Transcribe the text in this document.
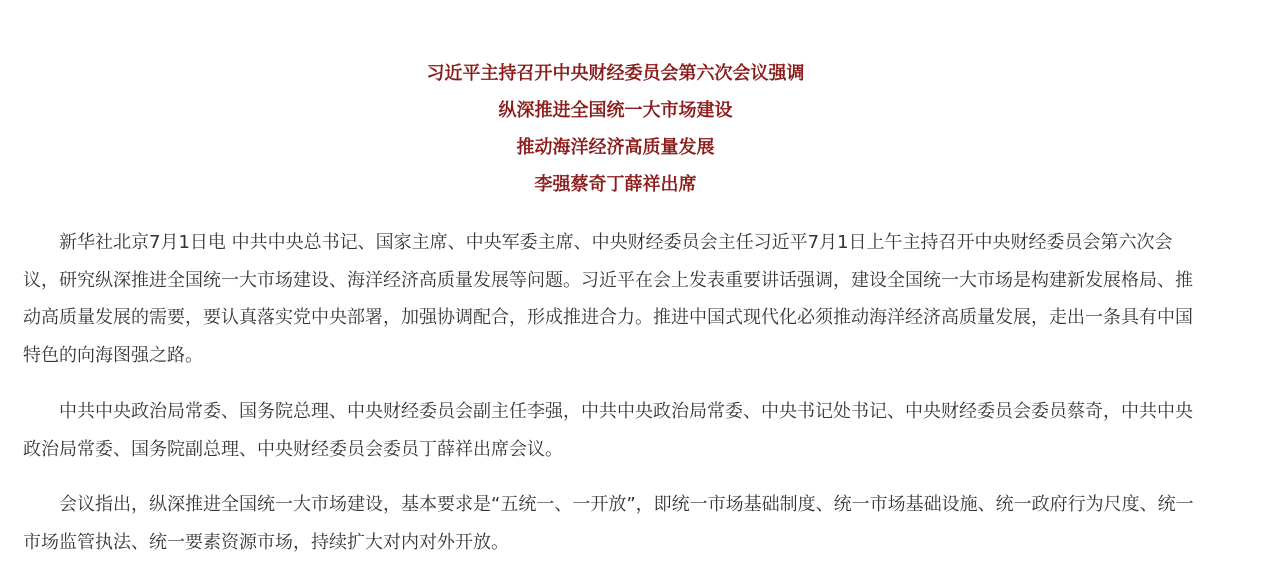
习近平主持召开中央财经委员会第六次会议强调
纵深推进全国统一大市场建设
推动海洋经济高质量发展
李强蔡奇丁薛祥出席

新华社北京7月1日电 中共中央总书记、国家主席、中央军委主席、中央财经委员会主任习近平7月1日上午主持召开中央财经委员会第六次会议，研究纵深推进全国统一大市场建设、海洋经济高质量发展等问题。习近平在会上发表重要讲话强调，建设全国统一大市场是构建新发展格局、推动高质量发展的需要，要认真落实党中央部署，加强协调配合，形成推进合力。推进中国式现代化必须推动海洋经济高质量发展，走出一条具有中国特色的向海图强之路。

中共中央政治局常委、国务院总理、中央财经委员会副主任李强，中共中央政治局常委、中央书记处书记、中央财经委员会委员蔡奇，中共中央政治局常委、国务院副总理、中央财经委员会委员丁薛祥出席会议。

会议指出，纵深推进全国统一大市场建设，基本要求是“五统一、一开放”，即统一市场基础制度、统一市场基础设施、统一政府行为尺度、统一市场监管执法、统一要素资源市场，持续扩大对内对外开放。
